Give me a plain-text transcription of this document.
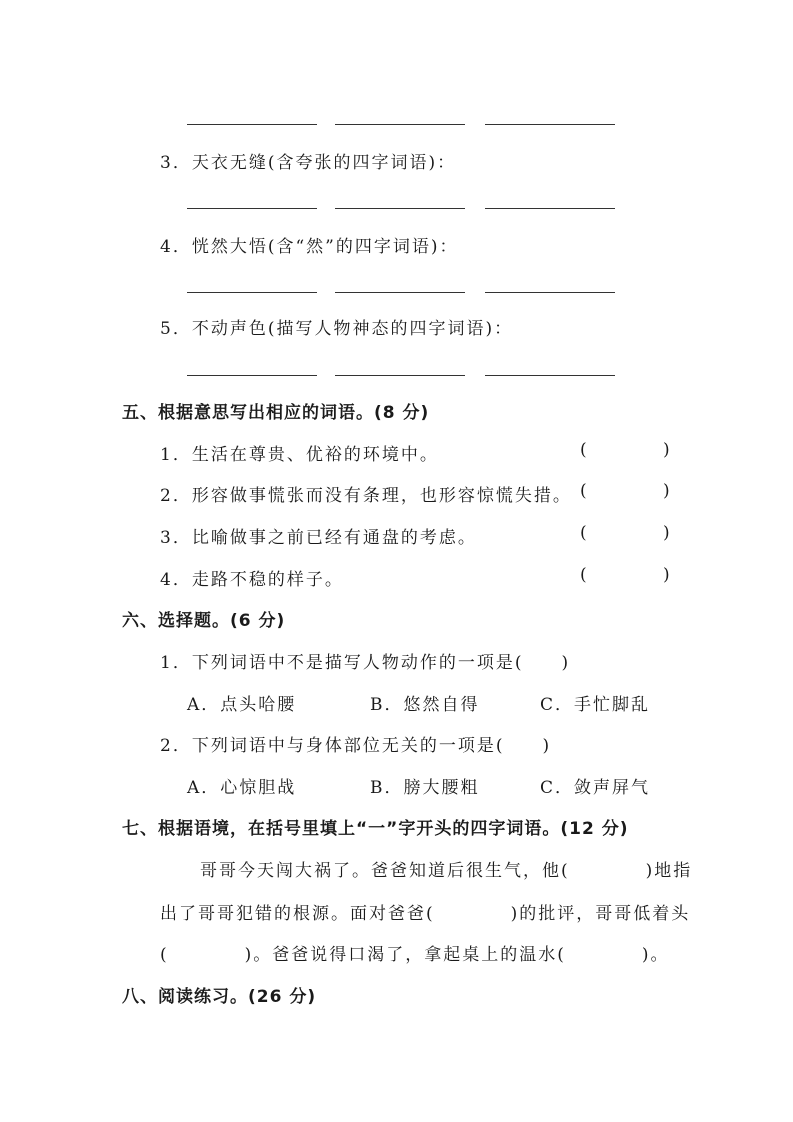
3．天衣无缝(含夸张的四字词语)：
4．恍然大悟(含“然”的四字词语)：
5．不动声色(描写人物神态的四字词语)：
五、根据意思写出相应的词语。(8 分)
1．生活在尊贵、优裕的环境中。	(	)
2．形容做事慌张而没有条理，也形容惊慌失措。 (	)
3．比喻做事之前已经有通盘的考虑。	(	)
4．走路不稳的样子。	(	)
六、选择题。(6 分)
1．下列词语中不是描写人物动作的一项是(　　)
A．点头哈腰	B．悠然自得	C．手忙脚乱
2．下列词语中与身体部位无关的一项是(　　)
A．心惊胆战	B．膀大腰粗	C．敛声屏气
七、根据语境，在括号里填上“一”字开头的四字词语。(12 分)
哥哥今天闯大祸了。爸爸知道后很生气，他(　　　　)地指
出了哥哥犯错的根源。面对爸爸(　　　　)的批评，哥哥低着头
(　　　　)。爸爸说得口渴了，拿起桌上的温水(　　　　)。
八、阅读练习。(26 分)
